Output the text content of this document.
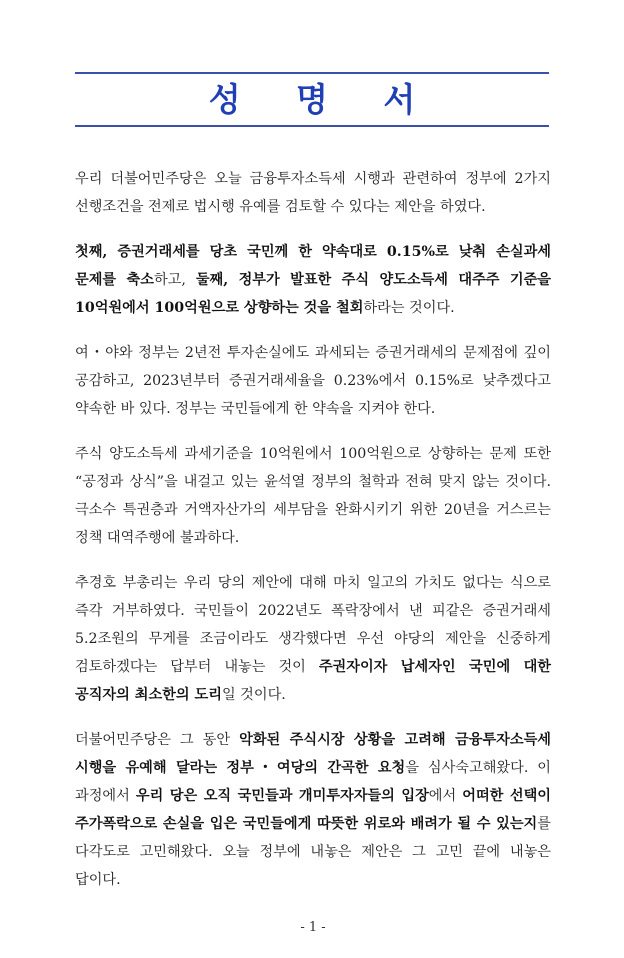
성 명 서

우리 더불어민주당은 오늘 금융투자소득세 시행과 관련하여 정부에 2가지 선행조건을 전제로 법시행 유예를 검토할 수 있다는 제안을 하였다.

첫째, 증권거래세를 당초 국민께 한 약속대로 0.15%로 낮춰 손실과세 문제를 축소하고, 둘째, 정부가 발표한 주식 양도소득세 대주주 기준을 10억원에서 100억원으로 상향하는 것을 철회하라는 것이다.

여・야와 정부는 2년전 투자손실에도 과세되는 증권거래세의 문제점에 깊이 공감하고, 2023년부터 증권거래세율을 0.23%에서 0.15%로 낮추겠다고 약속한 바 있다. 정부는 국민들에게 한 약속을 지켜야 한다.

주식 양도소득세 과세기준을 10억원에서 100억원으로 상향하는 문제 또한 “공정과 상식”을 내걸고 있는 윤석열 정부의 철학과 전혀 맞지 않는 것이다. 극소수 특권층과 거액자산가의 세부담을 완화시키기 위한 20년을 거스르는 정책 대역주행에 불과하다.

추경호 부총리는 우리 당의 제안에 대해 마치 일고의 가치도 없다는 식으로 즉각 거부하였다. 국민들이 2022년도 폭락장에서 낸 피같은 증권거래세 5.2조원의 무게를 조금이라도 생각했다면 우선 야당의 제안을 신중하게 검토하겠다는 답부터 내놓는 것이 주권자이자 납세자인 국민에 대한 공직자의 최소한의 도리일 것이다.

더불어민주당은 그 동안 악화된 주식시장 상황을 고려해 금융투자소득세 시행을 유예해 달라는 정부・여당의 간곡한 요청을 심사숙고해왔다. 이 과정에서 우리 당은 오직 국민들과 개미투자자들의 입장에서 어떠한 선택이 주가폭락으로 손실을 입은 국민들에게 따뜻한 위로와 배려가 될 수 있는지를 다각도로 고민해왔다. 오늘 정부에 내놓은 제안은 그 고민 끝에 내놓은 답이다.

- 1 -
